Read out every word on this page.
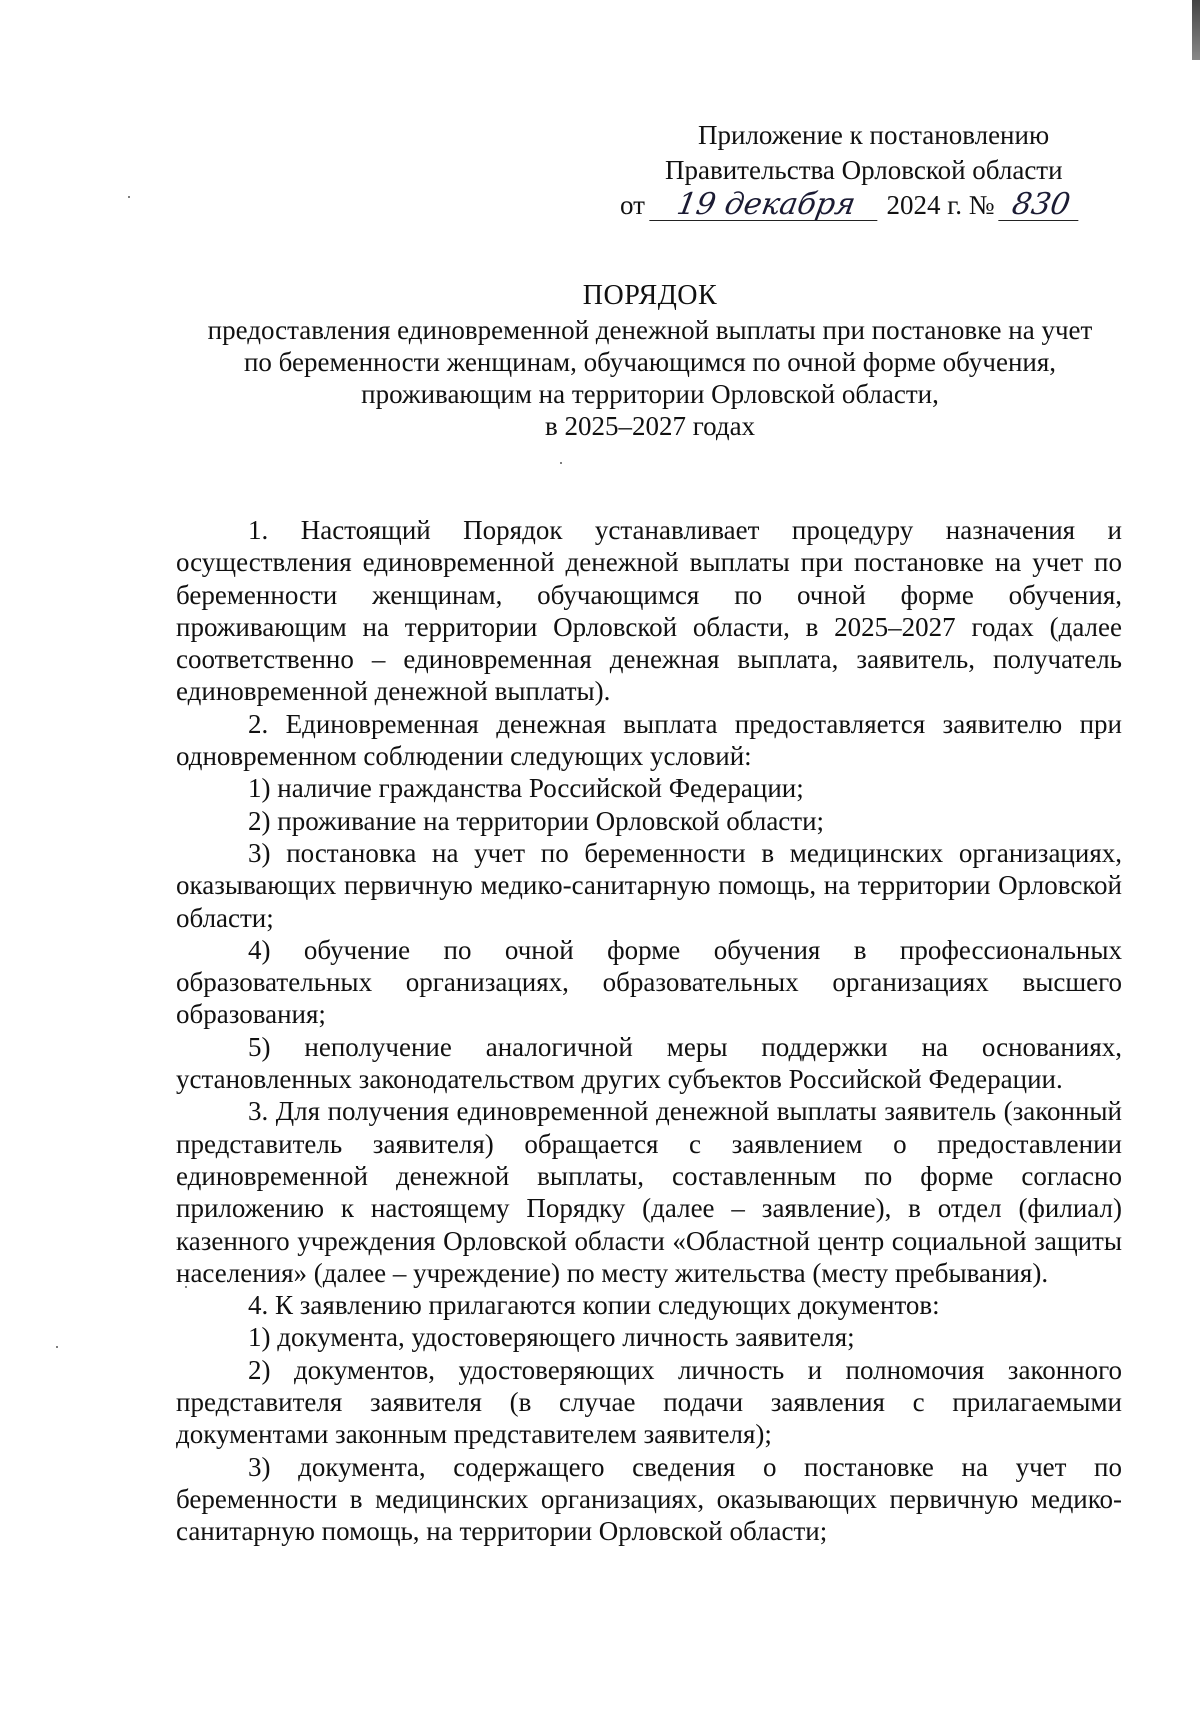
Приложение к постановлению
Правительства Орловской области
от 19 декабря 2024 г. № 830
ПОРЯДОК
предоставления единовременной денежной выплаты при постановке на учет
по беременности женщинам, обучающимся по очной форме обучения,
проживающим на территории Орловской области,
в 2025–2027 годах

1. Настоящий Порядок устанавливает процедуру назначения и осуществления единовременной денежной выплаты при постановке на учет по беременности женщинам, обучающимся по очной форме обучения, проживающим на территории Орловской области, в 2025–2027 годах (далее соответственно – единовременная денежная выплата, заявитель, получатель единовременной денежной выплаты).

2. Единовременная денежная выплата предоставляется заявителю при одновременном соблюдении следующих условий:

1) наличие гражданства Российской Федерации;

2) проживание на территории Орловской области;

3) постановка на учет по беременности в медицинских организациях, оказывающих первичную медико-санитарную помощь, на территории Орловской области;

4) обучение по очной форме обучения в профессиональных образовательных организациях, образовательных организациях высшего образования;

5) неполучение аналогичной меры поддержки на основаниях, установленных законодательством других субъектов Российской Федерации.

3. Для получения единовременной денежной выплаты заявитель (законный представитель заявителя) обращается с заявлением о предоставлении единовременной денежной выплаты, составленным по форме согласно приложению к настоящему Порядку (далее – заявление), в отдел (филиал) казенного учреждения Орловской области «Областной центр социальной защиты населения» (далее – учреждение) по месту жительства (месту пребывания).

4. К заявлению прилагаются копии следующих документов:

1) документа, удостоверяющего личность заявителя;

2) документов, удостоверяющих личность и полномочия законного представителя заявителя (в случае подачи заявления с прилагаемыми документами законным представителем заявителя);

3) документа, содержащего сведения о постановке на учет по беременности в медицинских организациях, оказывающих первичную медико-санитарную помощь, на территории Орловской области;
